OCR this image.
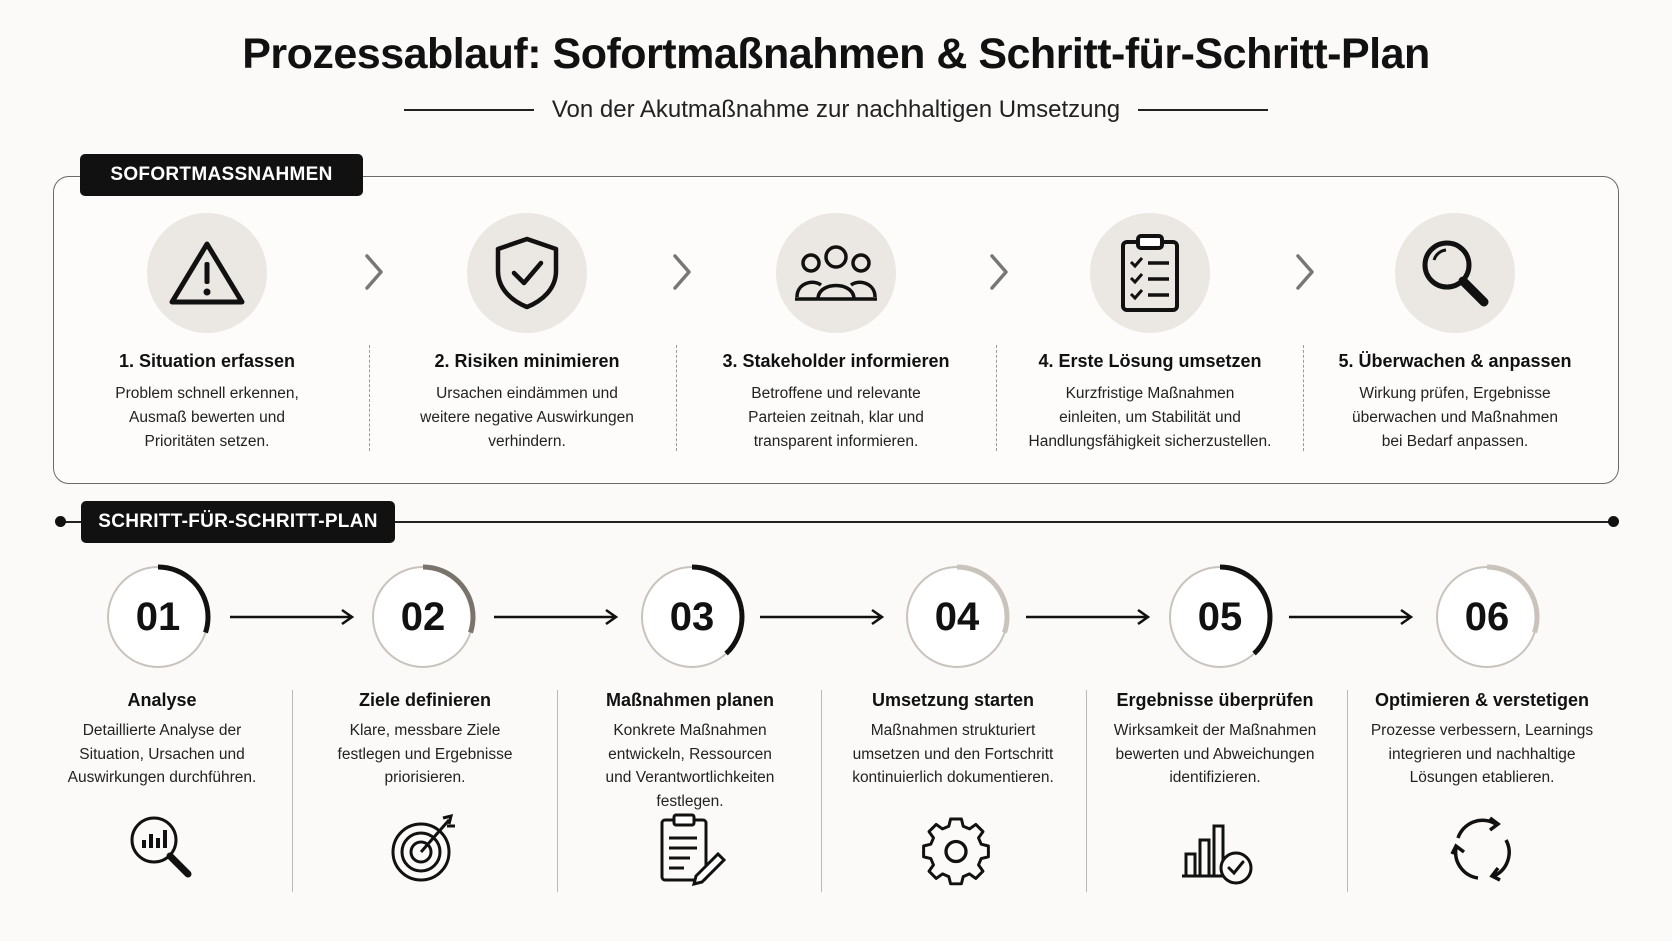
Prozessablauf: Sofortmaßnahmen & Schritt-für-Schritt-Plan
Von der Akutmaßnahme zur nachhaltigen Umsetzung
SOFORTMASSNAHMEN
1. Situation erfassen
Problem schnell erkennen,
Ausmaß bewerten und
Prioritäten setzen.
2. Risiken minimieren
Ursachen eindämmen und
weitere negative Auswirkungen
verhindern.
3. Stakeholder informieren
Betroffene und relevante
Parteien zeitnah, klar und
transparent informieren.
4. Erste Lösung umsetzen
Kurzfristige Maßnahmen
einleiten, um Stabilität und
Handlungsfähigkeit sicherzustellen.
5. Überwachen & anpassen
Wirkung prüfen, Ergebnisse
überwachen und Maßnahmen
bei Bedarf anpassen.
SCHRITT-FÜR-SCHRITT-PLAN
01	02	03	04	05	06
Analyse
Detaillierte Analyse der
Situation, Ursachen und
Auswirkungen durchführen.
Ziele definieren
Klare, messbare Ziele
festlegen und Ergebnisse
priorisieren.
Maßnahmen planen
Konkrete Maßnahmen
entwickeln, Ressourcen
und Verantwortlichkeiten
festlegen.
Umsetzung starten
Maßnahmen strukturiert
umsetzen und den Fortschritt
kontinuierlich dokumentieren.
Ergebnisse überprüfen
Wirksamkeit der Maßnahmen
bewerten und Abweichungen
identifizieren.
Optimieren & verstetigen
Prozesse verbessern, Learnings
integrieren und nachhaltige
Lösungen etablieren.
